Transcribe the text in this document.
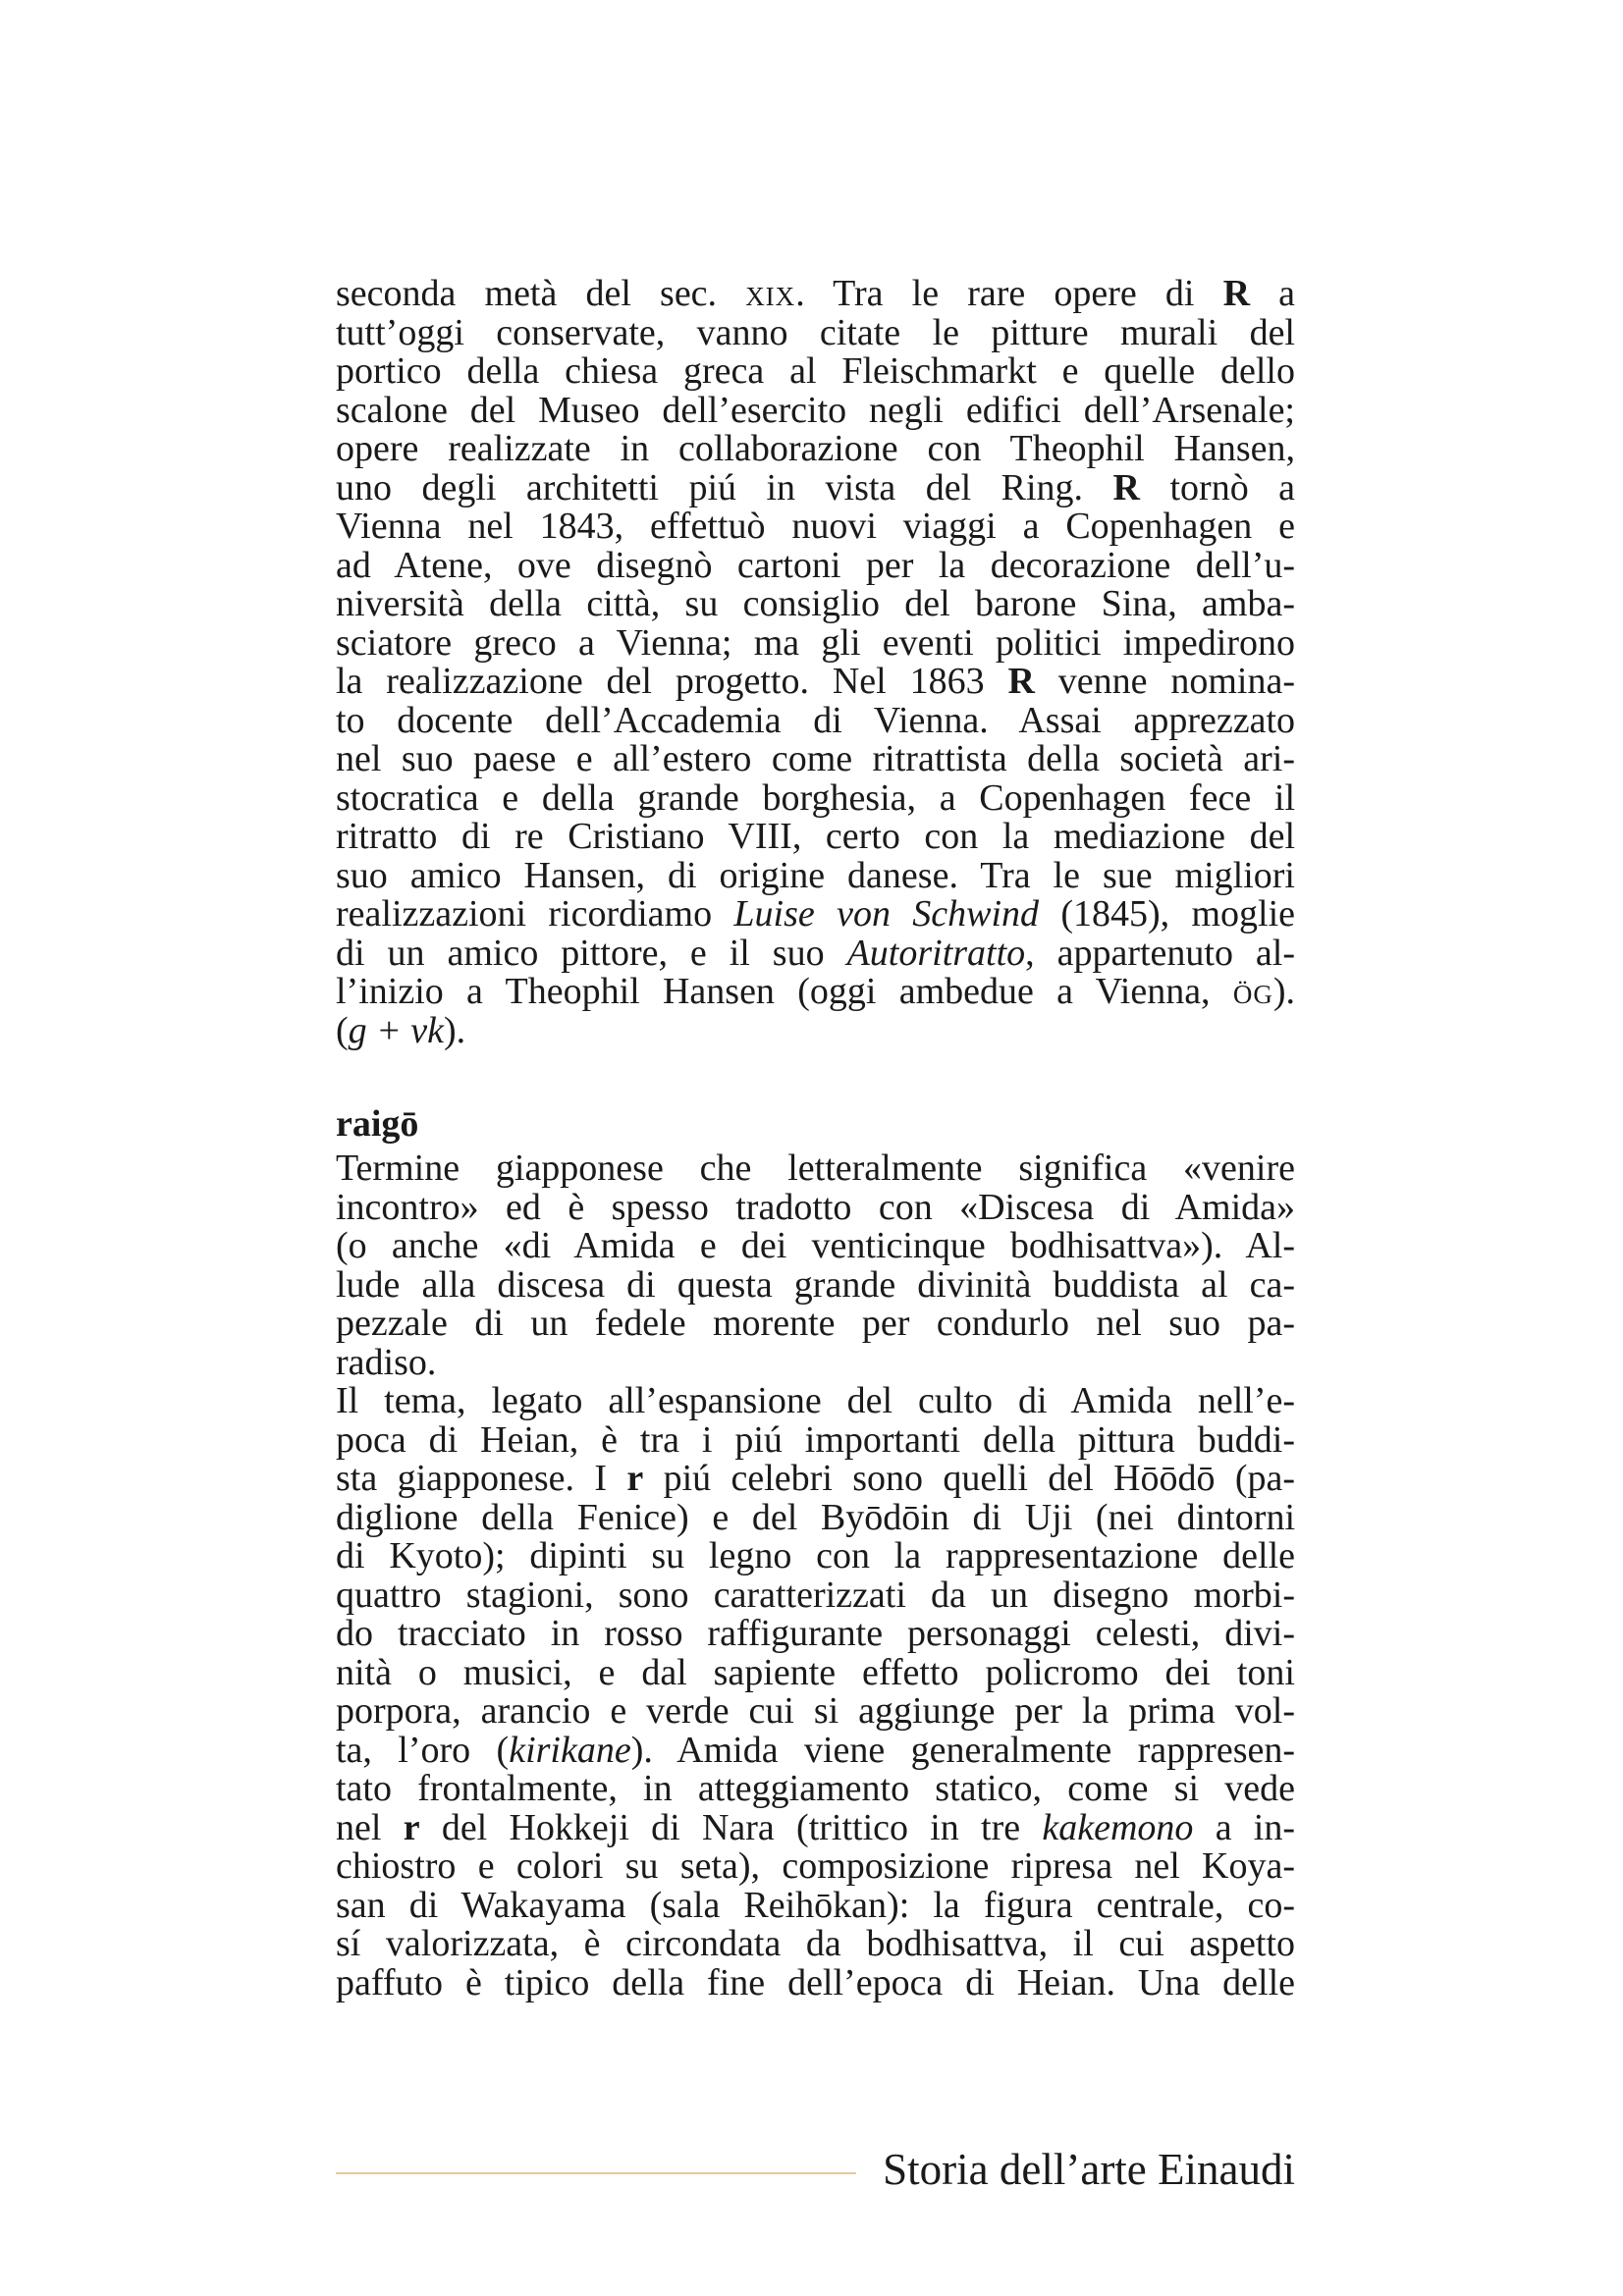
seconda metà del sec. xix. Tra le rare opere di R a
tutt’oggi conservate, vanno citate le pitture murali del
portico della chiesa greca al Fleischmarkt e quelle dello
scalone del Museo dell’esercito negli edifici dell’Arsenale;
opere realizzate in collaborazione con Theophil Hansen,
uno degli architetti piú in vista del Ring. R tornò a
Vienna nel 1843, effettuò nuovi viaggi a Copenhagen e
ad Atene, ove disegnò cartoni per la decorazione dell’u-
niversità della città, su consiglio del barone Sina, amba-
sciatore greco a Vienna; ma gli eventi politici impedirono
la realizzazione del progetto. Nel 1863 R venne nomina-
to docente dell’Accademia di Vienna. Assai apprezzato
nel suo paese e all’estero come ritrattista della società ari-
stocratica e della grande borghesia, a Copenhagen fece il
ritratto di re Cristiano VIII, certo con la mediazione del
suo amico Hansen, di origine danese. Tra le sue migliori
realizzazioni ricordiamo Luise von Schwind (1845), moglie
di un amico pittore, e il suo Autoritratto, appartenuto al-
l’inizio a Theophil Hansen (oggi ambedue a Vienna, ög).
(g + vk).
raigō
Termine giapponese che letteralmente significa «venire
incontro» ed è spesso tradotto con «Discesa di Amida»
(o anche «di Amida e dei venticinque bodhisattva»). Al-
lude alla discesa di questa grande divinità buddista al ca-
pezzale di un fedele morente per condurlo nel suo pa-
radiso.
Il tema, legato all’espansione del culto di Amida nell’e-
poca di Heian, è tra i piú importanti della pittura buddi-
sta giapponese. I r piú celebri sono quelli del Hōōdō (pa-
diglione della Fenice) e del Byōdōin di Uji (nei dintorni
di Kyoto); dipinti su legno con la rappresentazione delle
quattro stagioni, sono caratterizzati da un disegno morbi-
do tracciato in rosso raffigurante personaggi celesti, divi-
nità o musici, e dal sapiente effetto policromo dei toni
porpora, arancio e verde cui si aggiunge per la prima vol-
ta, l’oro (kirikane). Amida viene generalmente rappresen-
tato frontalmente, in atteggiamento statico, come si vede
nel r del Hokkeji di Nara (trittico in tre kakemono a in-
chiostro e colori su seta), composizione ripresa nel Koya-
san di Wakayama (sala Reihōkan): la figura centrale, co-
sí valorizzata, è circondata da bodhisattva, il cui aspetto
paffuto è tipico della fine dell’epoca di Heian. Una delle
Storia dell’arte Einaudi
